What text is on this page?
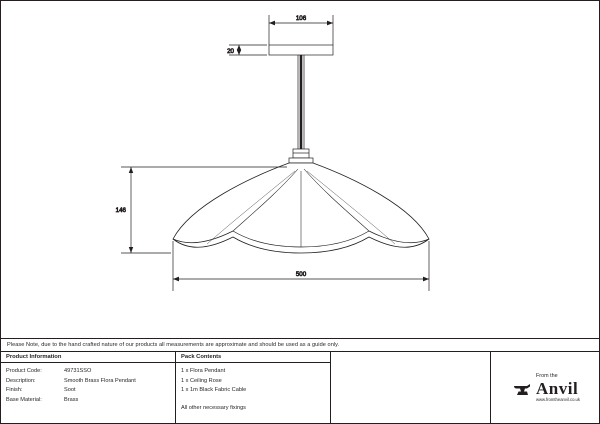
106
20
146
500
Please Note, due to the hand crafted nature of our products all measurements are approximate and should be used as a guide only.
Product Information
Product Code:	49731SSO
Description:	Smooth Brass Flora Pendant
Finish:	Soot
Base Material:	Brass
Pack Contents
1 x Flora Pendant
1 x Ceiling Rose
1 x 1m Black Fabric Cable
All other necessary fixings
From the
Anvil
www.fromtheanvil.co.uk
